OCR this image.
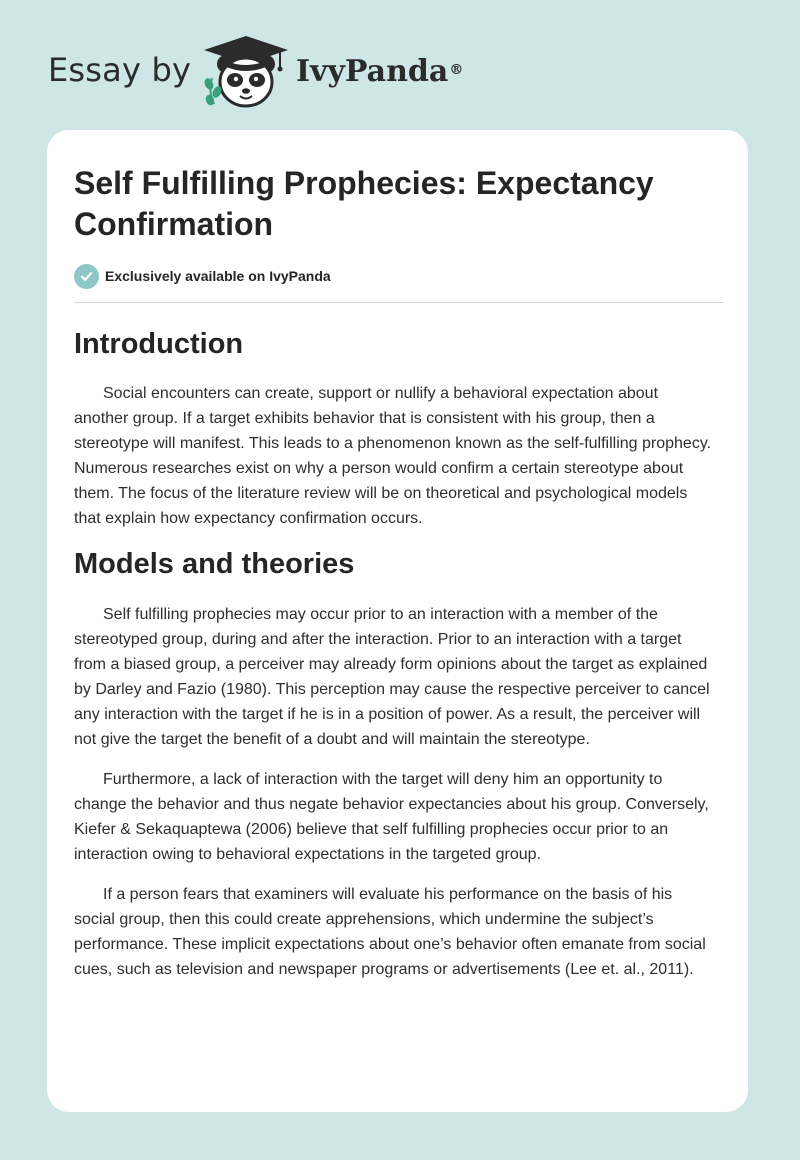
Essay by	IvyPanda®
Self Fulfilling Prophecies: Expectancy Confirmation
Exclusively available on IvyPanda
Introduction

Social encounters can create, support or nullify a behavioral expectation about another group. If a target exhibits behavior that is consistent with his group, then a stereotype will manifest. This leads to a phenomenon known as the self-fulfilling prophecy. Numerous researches exist on why a person would confirm a certain stereotype about them. The focus of the literature review will be on theoretical and psychological models that explain how expectancy confirmation occurs.

Models and theories

Self fulfilling prophecies may occur prior to an interaction with a member of the stereotyped group, during and after the interaction. Prior to an interaction with a target from a biased group, a perceiver may already form opinions about the target as explained by Darley and Fazio (1980). This perception may cause the respective perceiver to cancel any interaction with the target if he is in a position of power. As a result, the perceiver will not give the target the benefit of a doubt and will maintain the stereotype.

Furthermore, a lack of interaction with the target will deny him an opportunity to change the behavior and thus negate behavior expectancies about his group. Conversely, Kiefer & Sekaquaptewa (2006) believe that self fulfilling prophecies occur prior to an interaction owing to behavioral expectations in the targeted group.

If a person fears that examiners will evaluate his performance on the basis of his social group, then this could create apprehensions, which undermine the subject’s performance. These implicit expectations about one’s behavior often emanate from social cues, such as television and newspaper programs or advertisements (Lee et. al., 2011).
